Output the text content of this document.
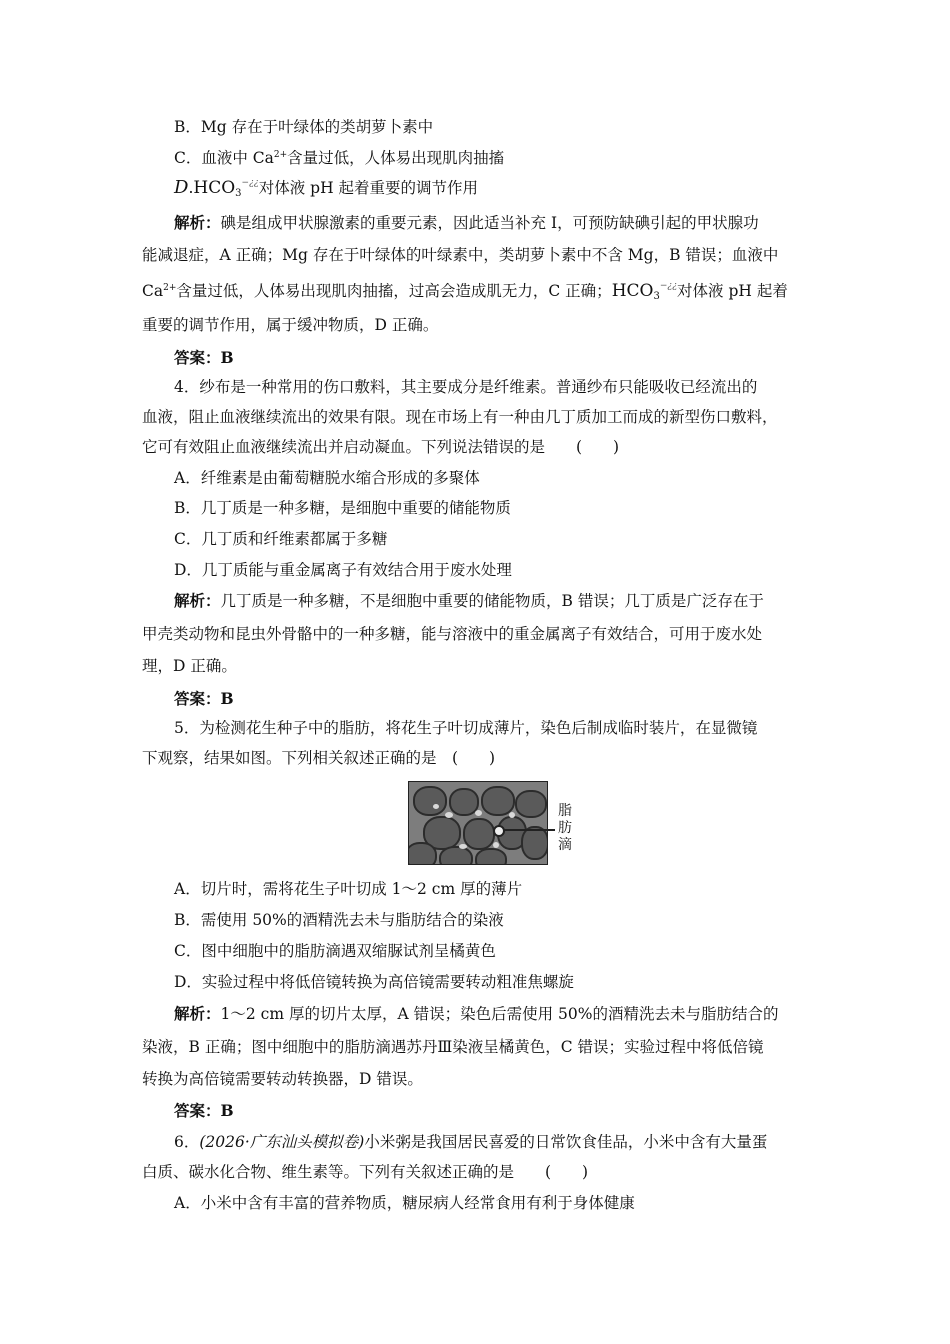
B．Mg 存在于叶绿体的类胡萝卜素中
C．血液中 $Ca^{2+}$含量过低，人体易出现肌肉抽搐
$D.HCO_3^{-¿¿}$对体液 pH 起着重要的调节作用
解析：碘是组成甲状腺激素的重要元素，因此适当补充 I，可预防缺碘引起的甲状腺功
能减退症，A 正确；Mg 存在于叶绿体的叶绿素中，类胡萝卜素中不含 Mg，B 错误；血液中
$Ca^{2+}$含量过低，人体易出现肌肉抽搐，过高会造成肌无力，C 正确；$HCO_3^{-¿¿}$对体液 pH 起着
重要的调节作用，属于缓冲物质，D 正确。
答案：B
4．纱布是一种常用的伤口敷料，其主要成分是纤维素。普通纱布只能吸收已经流出的
血液，阻止血液继续流出的效果有限。现在市场上有一种由几丁质加工而成的新型伤口敷料，
它可有效阻止血液继续流出并启动凝血。下列说法错误的是　　(　　)
A．纤维素是由葡萄糖脱水缩合形成的多聚体
B．几丁质是一种多糖，是细胞中重要的储能物质
C．几丁质和纤维素都属于多糖
D．几丁质能与重金属离子有效结合用于废水处理
解析：几丁质是一种多糖，不是细胞中重要的储能物质，B 错误；几丁质是广泛存在于
甲壳类动物和昆虫外骨骼中的一种多糖，能与溶液中的重金属离子有效结合，可用于废水处
理，D 正确。
答案：B
5．为检测花生种子中的脂肪，将花生子叶切成薄片，染色后制成临时装片，在显微镜
下观察，结果如图。下列相关叙述正确的是　(　　)
脂肪滴
A．切片时，需将花生子叶切成 1～2 cm 厚的薄片
B．需使用 50%的酒精洗去未与脂肪结合的染液
C．图中细胞中的脂肪滴遇双缩脲试剂呈橘黄色
D．实验过程中将低倍镜转换为高倍镜需要转动粗准焦螺旋
解析：1～2 cm 厚的切片太厚，A 错误；染色后需使用 50%的酒精洗去未与脂肪结合的
染液，B 正确；图中细胞中的脂肪滴遇苏丹Ⅲ染液呈橘黄色，C 错误；实验过程中将低倍镜
转换为高倍镜需要转动转换器，D 错误。
答案：B
6．(2026·广东汕头模拟卷)小米粥是我国居民喜爱的日常饮食佳品，小米中含有大量蛋
白质、碳水化合物、维生素等。下列有关叙述正确的是　　(　　)
A．小米中含有丰富的营养物质，糖尿病人经常食用有利于身体健康
